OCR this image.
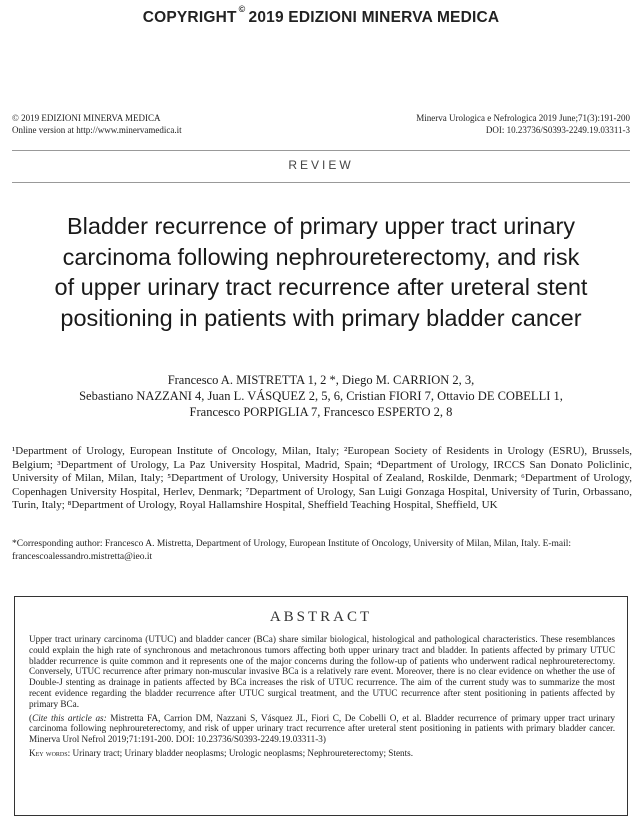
COPYRIGHT©2019 EDIZIONI MINERVA MEDICA
© 2019 EDIZIONI MINERVA MEDICA
Online version at http://www.minervamedica.it
Minerva Urologica e Nefrologica 2019 June;71(3):191-200
DOI: 10.23736/S0393-2249.19.03311-3
REVIEW
Bladder recurrence of primary upper tract urinary
carcinoma following nephroureterectomy, and risk
of upper urinary tract recurrence after ureteral stent
positioning in patients with primary bladder cancer
Francesco A. MISTRETTA 1, 2 *, Diego M. CARRION 2, 3,
Sebastiano NAZZANI 4, Juan L. VÁSQUEZ 2, 5, 6, Cristian FIORI 7, Ottavio DE COBELLI 1,
Francesco PORPIGLIA 7, Francesco ESPERTO 2, 8
¹Department of Urology, European Institute of Oncology, Milan, Italy; ²European Society of Residents in Urology (ESRU), Brussels, Belgium; ³Department of Urology, La Paz University Hospital, Madrid, Spain; ⁴Department of Urology, IRCCS San Donato Policlinic, University of Milan, Milan, Italy; ⁵Department of Urology, University Hospital of Zealand, Roskilde, Denmark; ⁶Department of Urology, Copenhagen University Hospital, Herlev, Denmark; ⁷Department of Urology, San Luigi Gonzaga Hospital, University of Turin, Orbassano, Turin, Italy; ⁸Department of Urology, Royal Hallamshire Hospital, Sheffield Teaching Hospital, Sheffield, UK
*Corresponding author: Francesco A. Mistretta, Department of Urology, European Institute of Oncology, University of Milan, Milan, Italy. E-mail: francescoalessandro.mistretta@ieo.it
ABSTRACT

Upper tract urinary carcinoma (UTUC) and bladder cancer (BCa) share similar biological, histological and pathological characteristics. These resemblances could explain the high rate of synchronous and metachronous tumors affecting both upper urinary tract and bladder. In patients affected by primary UTUC bladder recurrence is quite common and it represents one of the major concerns during the follow-up of patients who underwent radical nephroureterectomy. Conversely, UTUC recurrence after primary non-muscular invasive BCa is a relatively rare event. Moreover, there is no clear evidence on whether the use of Double-J stenting as drainage in patients affected by BCa increases the risk of UTUC recurrence. The aim of the current study was to summarize the most recent evidence regarding the bladder recurrence after UTUC surgical treatment, and the UTUC recurrence after stent positioning in patients affected by primary BCa.

(Cite this article as: Mistretta FA, Carrion DM, Nazzani S, Vásquez JL, Fiori C, De Cobelli O, et al. Bladder recurrence of primary upper tract urinary carcinoma following nephroureterectomy, and risk of upper urinary tract recurrence after ureteral stent positioning in patients with primary bladder cancer. Minerva Urol Nefrol 2019;71:191-200. DOI: 10.23736/S0393-2249.19.03311-3)

Key words: Urinary tract; Urinary bladder neoplasms; Urologic neoplasms; Nephroureterectomy; Stents.
